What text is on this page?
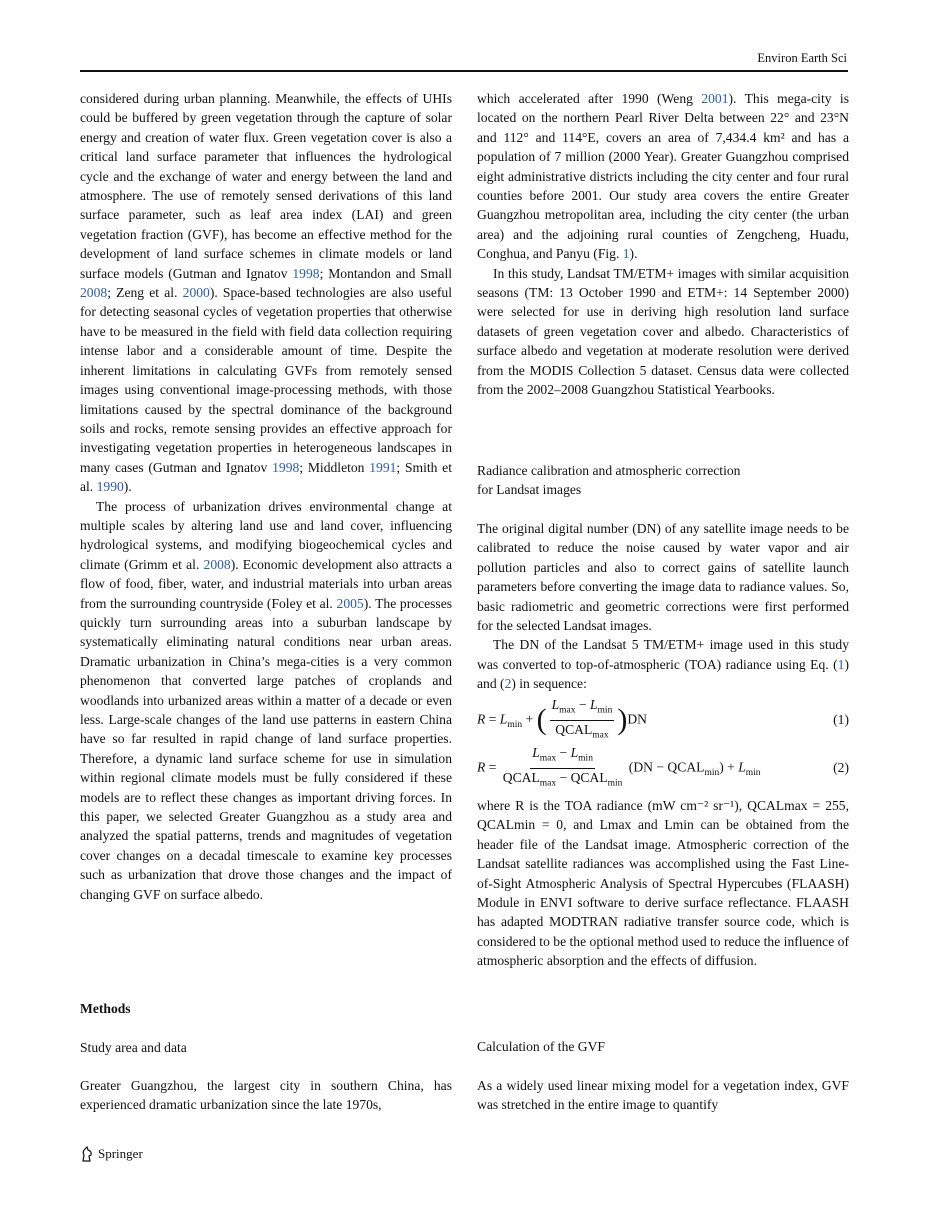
Environ Earth Sci

considered during urban planning. Meanwhile, the effects of UHIs could be buffered by green vegetation through the capture of solar energy and creation of water flux. Green vegetation cover is also a critical land surface parameter that influences the hydrological cycle and the exchange of water and energy between the land and atmosphere. The use of remotely sensed derivations of this land surface parameter, such as leaf area index (LAI) and green vegetation fraction (GVF), has become an effective method for the development of land surface schemes in climate models or land surface models (Gutman and Ignatov 1998; Montandon and Small 2008; Zeng et al. 2000). Space-based technologies are also useful for detecting seasonal cycles of vegetation properties that otherwise have to be measured in the field with field data collection requiring intense labor and a considerable amount of time. Despite the inherent limitations in calculating GVFs from remotely sensed images using conventional image-processing methods, with those limitations caused by the spectral dominance of the background soils and rocks, remote sensing provides an effective approach for investigating vegetation properties in heterogeneous landscapes in many cases (Gutman and Ignatov 1998; Middleton 1991; Smith et al. 1990).

The process of urbanization drives environmental change at multiple scales by altering land use and land cover, influencing hydrological systems, and modifying biogeochemical cycles and climate (Grimm et al. 2008). Economic development also attracts a flow of food, fiber, water, and industrial materials into urban areas from the surrounding countryside (Foley et al. 2005). The processes quickly turn surrounding areas into a suburban landscape by systematically eliminating natural conditions near urban areas. Dramatic urbanization in China’s mega-cities is a very common phenomenon that converted large patches of croplands and woodlands into urbanized areas within a matter of a decade or even less. Large-scale changes of the land use patterns in eastern China have so far resulted in rapid change of land surface properties. Therefore, a dynamic land surface scheme for use in simulation within regional climate models must be fully considered if these models are to reflect these changes as important driving forces. In this paper, we selected Greater Guangzhou as a study area and analyzed the spatial patterns, trends and magnitudes of vegetation cover changes on a decadal timescale to examine key processes such as urbanization that drove those changes and the impact of changing GVF on surface albedo.

Methods
Study area and data

Greater Guangzhou, the largest city in southern China, has experienced dramatic urbanization since the late 1970s,

which accelerated after 1990 (Weng 2001). This mega-city is located on the northern Pearl River Delta between 22° and 23°N and 112° and 114°E, covers an area of 7,434.4 km² and has a population of 7 million (2000 Year). Greater Guangzhou comprised eight administrative districts including the city center and four rural counties before 2001. Our study area covers the entire Greater Guangzhou metropolitan area, including the city center (the urban area) and the adjoining rural counties of Zengcheng, Huadu, Conghua, and Panyu (Fig. 1).

In this study, Landsat TM/ETM+ images with similar acquisition seasons (TM: 13 October 1990 and ETM+: 14 September 2000) were selected for use in deriving high resolution land surface datasets of green vegetation cover and albedo. Characteristics of surface albedo and vegetation at moderate resolution were derived from the MODIS Collection 5 dataset. Census data were collected from the 2002–2008 Guangzhou Statistical Yearbooks.

Radiance calibration and atmospheric correction
for Landsat images

The original digital number (DN) of any satellite image needs to be calibrated to reduce the noise caused by water vapor and air pollution particles and also to correct gains of satellite launch parameters before converting the image data to radiance values. So, basic radiometric and geometric corrections were first performed for the selected Landsat images.

The DN of the Landsat 5 TM/ETM+ image used in this study was converted to top-of-atmospheric (TOA) radiance using Eq. (1) and (2) in sequence:

$R = L_{min}$ + ( $\frac{L_{max} - L_{min}}{QCAL_{max}} )DN$	(1)
$R = \frac{L_{max} - L_{min}}{QCAL_{max} - QCAL_{min}} (DN$ − $QCAL_{min}) + L_{min}$	(2)

where R is the TOA radiance (mW cm⁻² sr⁻¹), QCALmax = 255, QCALmin = 0, and Lmax and Lmin can be obtained from the header file of the Landsat image. Atmospheric correction of the Landsat satellite radiances was accomplished using the Fast Line-of-Sight Atmospheric Analysis of Spectral Hypercubes (FLAASH) Module in ENVI software to derive surface reflectance. FLAASH has adapted MODTRAN radiative transfer source code, which is considered to be the optional method used to reduce the influence of atmospheric absorption and the effects of diffusion.

Calculation of the GVF

As a widely used linear mixing model for a vegetation index, GVF was stretched in the entire image to quantify

Springer
